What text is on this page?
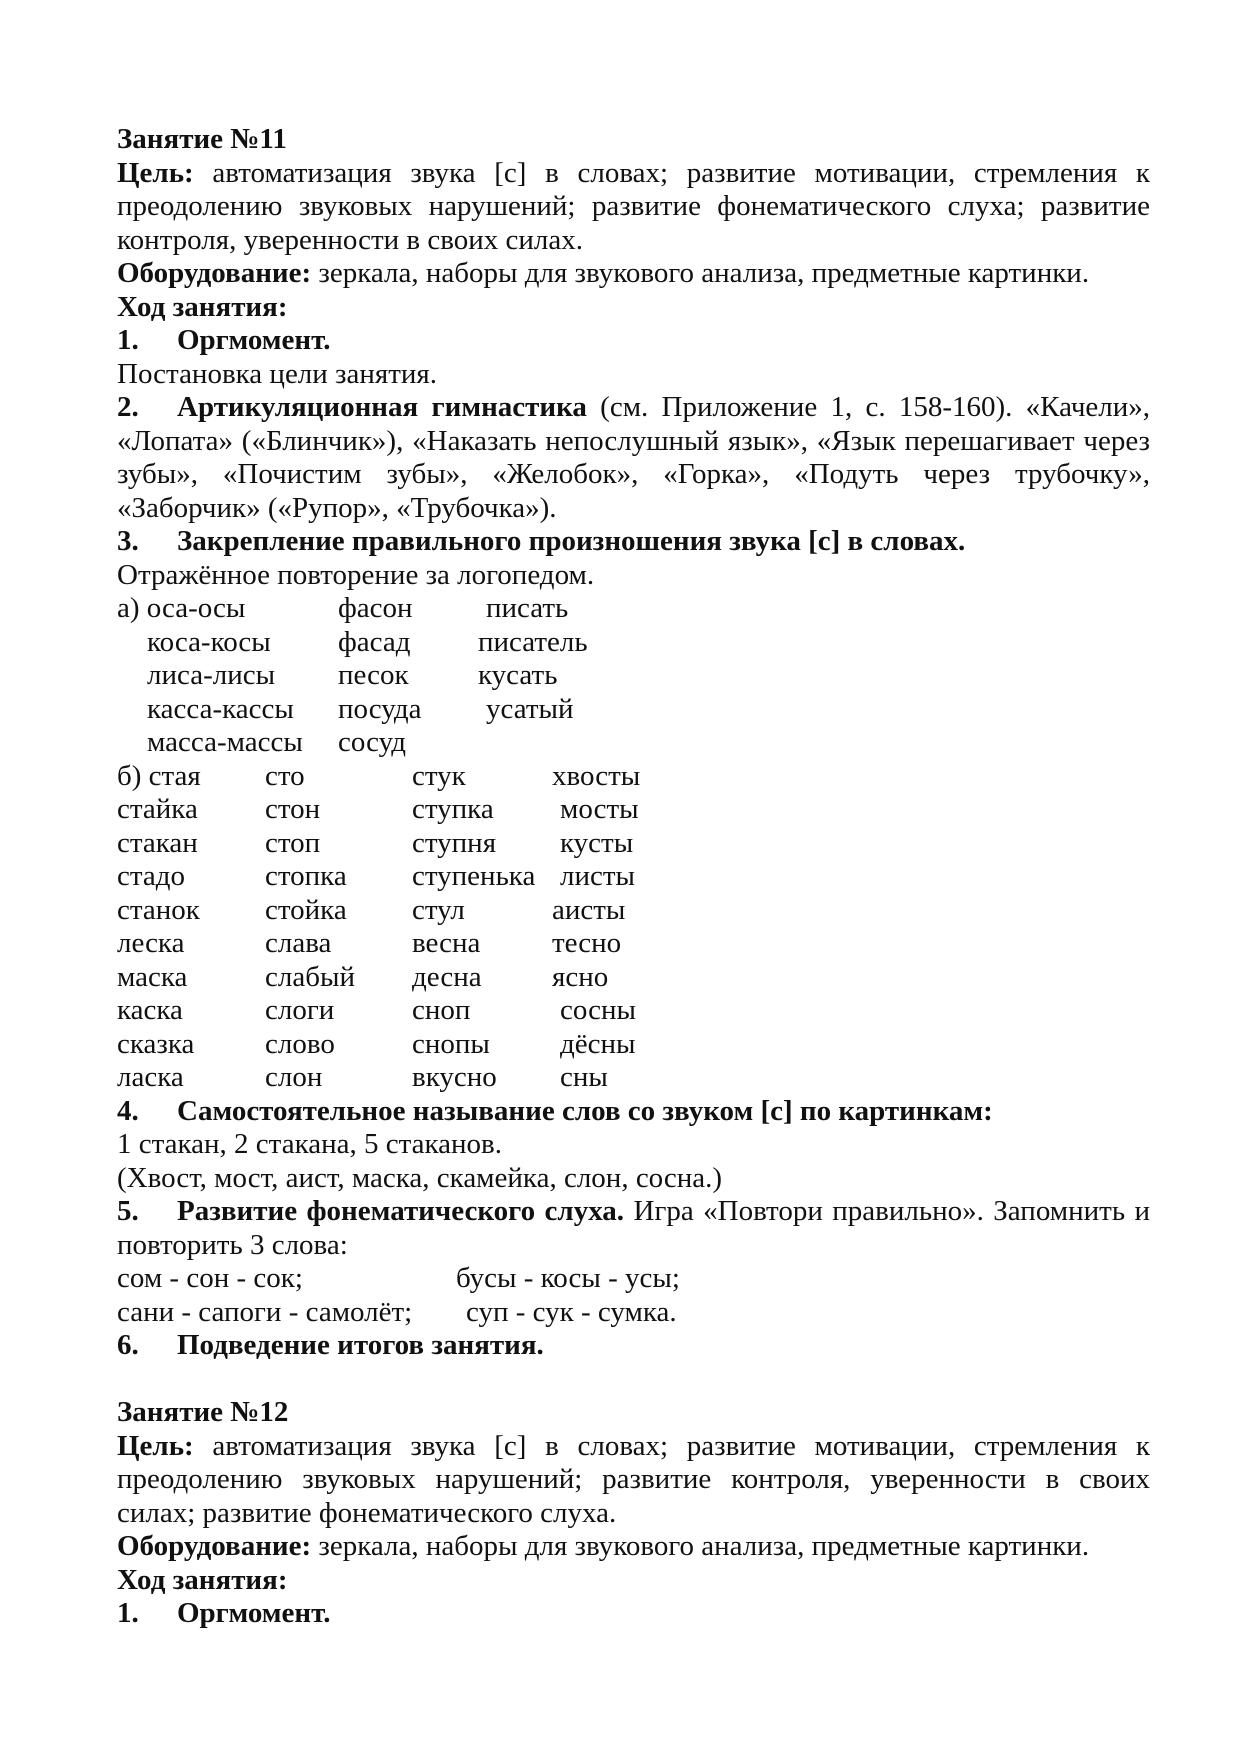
Занятие №11
Цель: автоматизация звука [с] в словах; развитие мотивации, стремления к
преодолению звуковых нарушений; развитие фонематического слуха; развитие
контроля, уверенности в своих силах.
Оборудование: зеркала, наборы для звукового анализа, предметные картинки.
Ход занятия:
1. Оргмомент.
Постановка цели занятия.
2. Артикуляционная гимнастика (см. Приложение 1, с. 158-160). «Качели»,
«Лопата» («Блинчик»), «Наказать непослушный язык», «Язык перешагивает через
зубы», «Почистим зубы», «Желобок», «Горка», «Подуть через трубочку»,
«Заборчик» («Рупор», «Трубочка»).
3. Закрепление правильного произношения звука [с] в словах.
Отражённое повторение за логопедом.
а) оса-осы	фасон	писать
коса-косы фасад писатель
лиса-лисы песок кусать
касса-кассы посуда усатый
масса-массы сосуд
б) стая сто	стук	хвосты
стайка стон	ступка мосты
стакан стоп	ступня кусты
стадо	стопка ступенька листы
станок стойка стул	аисты
леска	слава	весна тесно
маска	слабый десна ясно
каска	слоги	сноп	сосны
сказка слово	снопы дёсны
ласка	слон	вкусно сны
4. Самостоятельное называние слов со звуком [с] по картинкам:
1 стакан, 2 стакана, 5 стаканов.
(Хвост, мост, аист, маска, скамейка, слон, сосна.)
5. Развитие фонематического слуха. Игра «Повтори правильно». Запомнить и
повторить 3 слова:
сом - сон - сок;	бусы - косы - усы;
сани - сапоги - самолёт; суп - сук - сумка.
6. Подведение итогов занятия.
Занятие №12
Цель: автоматизация звука [с] в словах; развитие мотивации, стремления к
преодолению звуковых нарушений; развитие контроля, уверенности в своих
силах; развитие фонематического слуха.
Оборудование: зеркала, наборы для звукового анализа, предметные картинки.
Ход занятия:
1. Оргмомент.
